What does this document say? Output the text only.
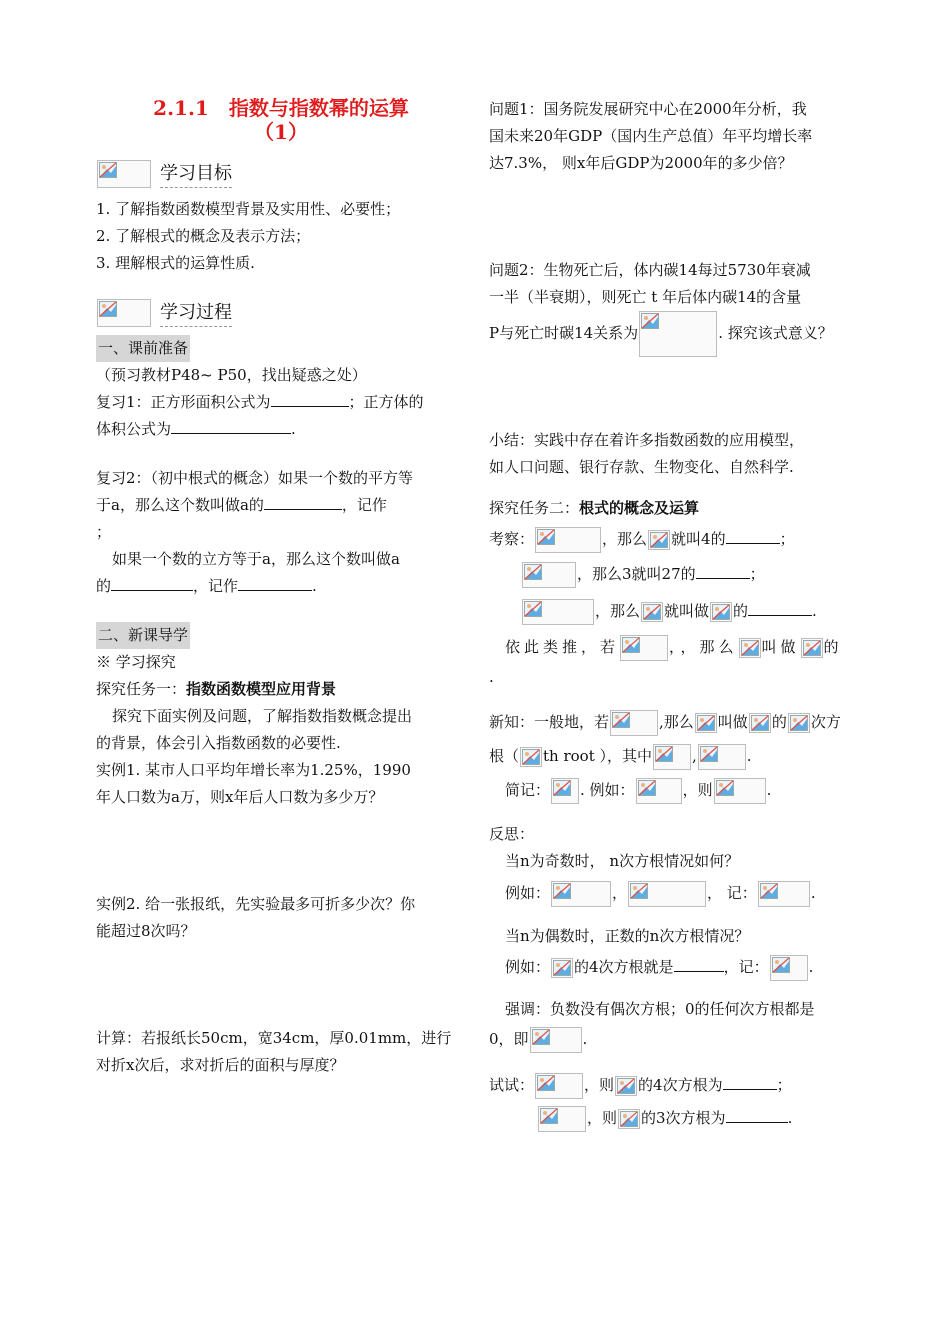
2.1.1　指数与指数幂的运算
（1）
学习目标
1. 了解指数函数模型背景及实用性、必要性；
2. 了解根式的概念及表示方法；
3. 理解根式的运算性质.
学习过程
一、课前准备
（预习教材P48~ P50，找出疑惑之处）
复习1：正方形面积公式为	；正方体的
体积公式为	.
复习2：（初中根式的概念）如果一个数的平方等
于a，那么这个数叫做a的	，记作
；
如果一个数的立方等于a，那么这个数叫做a
的	，记作	.
二、新课导学
※ 学习探究
探究任务一：指数函数模型应用背景
探究下面实例及问题，了解指数指数概念提出
的背景，体会引入指数函数的必要性.
实例1. 某市人口平均年增长率为1.25%，1990
年人口数为a万，则x年后人口数为多少万？
实例2. 给一张报纸，先实验最多可折多少次？你
能超过8次吗？
计算：若报纸长50cm，宽34cm，厚0.01mm，进行
对折x次后，求对折后的面积与厚度？
问题1：国务院发展研究中心在2000年分析，我
国未来20年GDP（国内生产总值）年平均增长率
达7.3%， 则x年后GDP为2000年的多少倍？
问题2：生物死亡后，体内碳14每过5730年衰减
一半（半衰期），则死亡 t 年后体内碳14的含量
P与死亡时碳14关系为	. 探究该式意义？
小结：实践中存在着许多指数函数的应用模型，
如人口问题、银行存款、生物变化、自然科学.
探究任务二：根式的概念及运算
考察：	，那么 就叫4的	；
，那么3就叫27的	；
，那么 就叫做 的	.
依此类推，若	，，那么 叫做 的
.
新知：一般地，若	,那么 叫做 的 次方
根（ th root ），其中	,	.
简记： . 例如：	，则	.
反思：
当n为奇数时， n次方根情况如何？
例如：	，	， 记：	.
当n为偶数时，正数的n次方根情况？
例如： 的4次方根就是	，记：	.
强调：负数没有偶次方根；0的任何次方根都是
0，即	.
试试：	，则 的4次方根为	；
，则 的3次方根为	.
